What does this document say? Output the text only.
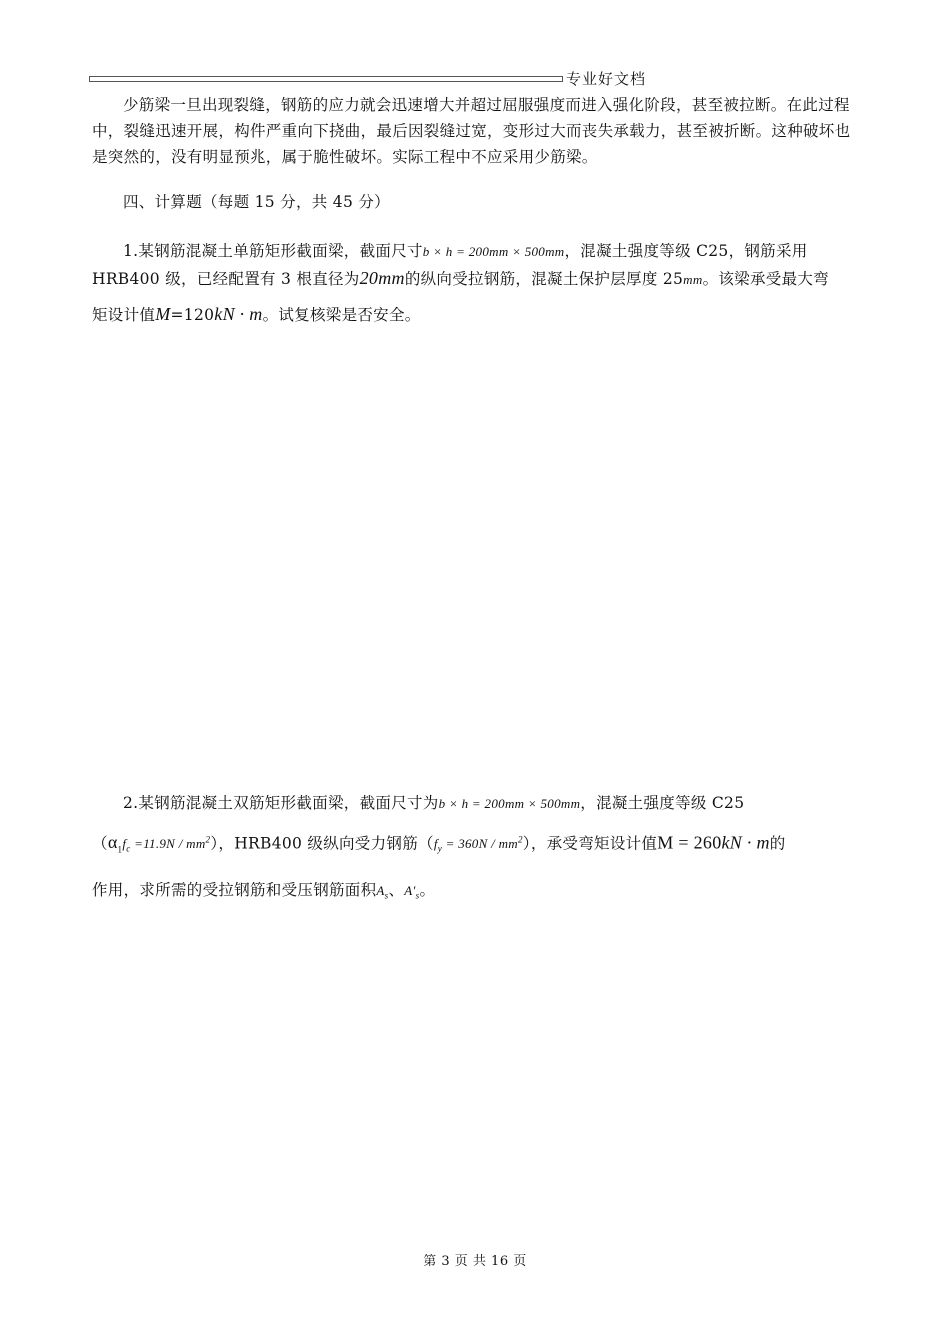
专业好文档
少筋梁一旦出现裂缝，钢筋的应力就会迅速增大并超过屈服强度而进入强化阶段，甚至被拉断。在此过程中，裂缝迅速开展，构件严重向下挠曲，最后因裂缝过宽，变形过大而丧失承载力，甚至被折断。这种破坏也是突然的，没有明显预兆，属于脆性破坏。实际工程中不应采用少筋梁。
四、计算题（每题 15 分，共 45 分）
1.某钢筋混凝土单筋矩形截面梁，截面尺寸b × h = 200mm × 500mm，混凝土强度等级 C25，钢筋采用
HRB400 级，已经配置有 3 根直径为20mm的纵向受拉钢筋，混凝土保护层厚度 25mm。该梁承受最大弯
矩设计值M=120kN · m。试复核梁是否安全。
2.某钢筋混凝土双筋矩形截面梁，截面尺寸为b × h = 200mm × 500mm，混凝土强度等级 C25
$(\alpha_1f_c =11.9N / mm^2)$，HRB400 级纵向受力钢筋$(f_y = 360N / mm^2)$，承受弯矩设计值M = 260kN · m的
作用，求所需的受拉钢筋和受压钢筋面积$A_s$、$A'_s$。
第 3 页 共 16 页
